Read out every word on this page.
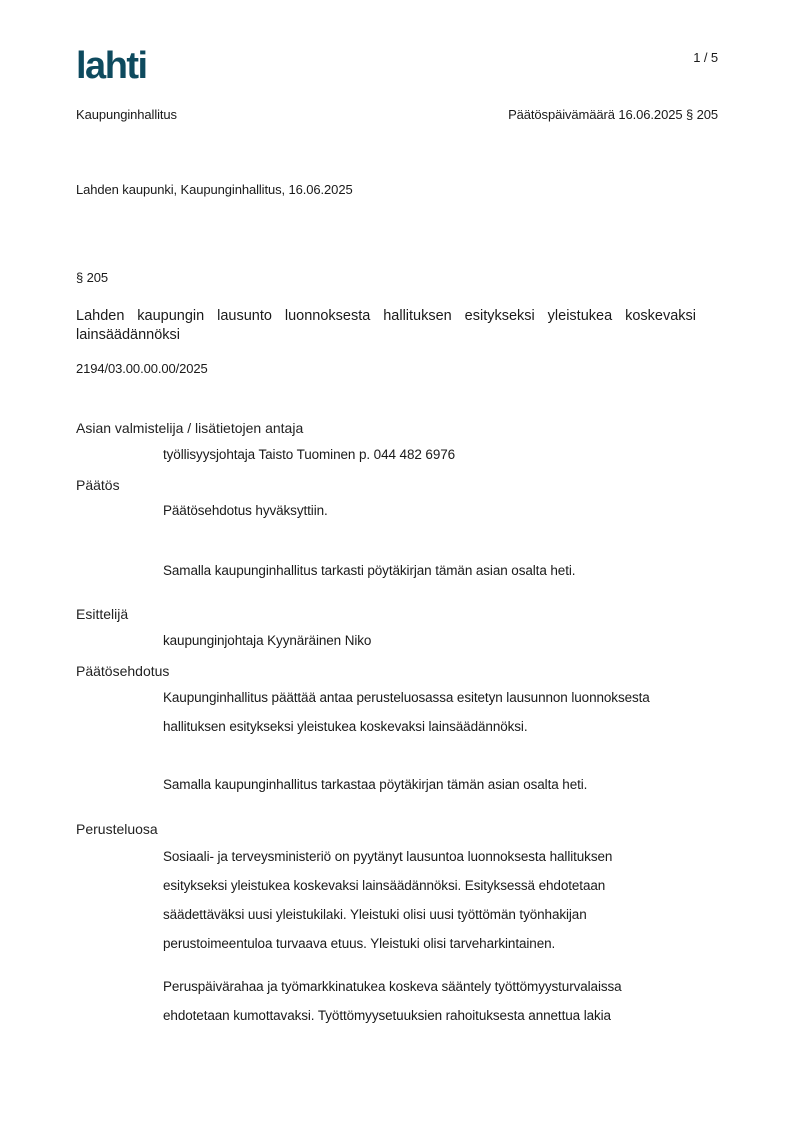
lahti	1 / 5
Kaupunginhallitus	Päätöspäivämäärä 16.06.2025 § 205
Lahden kaupunki, Kaupunginhallitus, 16.06.2025
§ 205
Lahden kaupungin lausunto luonnoksesta hallituksen esitykseksi yleistukea koskevaksi lainsäädännöksi
2194/03.00.00.00/2025
Asian valmistelija / lisätietojen antaja
työllisyysjohtaja Taisto Tuominen p. 044 482 6976
Päätös
Päätösehdotus hyväksyttiin.
Samalla kaupunginhallitus tarkasti pöytäkirjan tämän asian osalta heti.
Esittelijä
kaupunginjohtaja Kyynäräinen Niko
Päätösehdotus
Kaupunginhallitus päättää antaa perusteluosassa esitetyn lausunnon luonnoksesta
hallituksen esitykseksi yleistukea koskevaksi lainsäädännöksi.
Samalla kaupunginhallitus tarkastaa pöytäkirjan tämän asian osalta heti.
Perusteluosa
Sosiaali- ja terveysministeriö on pyytänyt lausuntoa luonnoksesta hallituksen
esitykseksi yleistukea koskevaksi lainsäädännöksi. Esityksessä ehdotetaan
säädettäväksi uusi yleistukilaki. Yleistuki olisi uusi työttömän työnhakijan
perustoimeentuloa turvaava etuus. Yleistuki olisi tarveharkintainen.
Peruspäivärahaa ja työmarkkinatukea koskeva sääntely työttömyysturvalaissa
ehdotetaan kumottavaksi. Työttömyysetuuksien rahoituksesta annettua lakia
